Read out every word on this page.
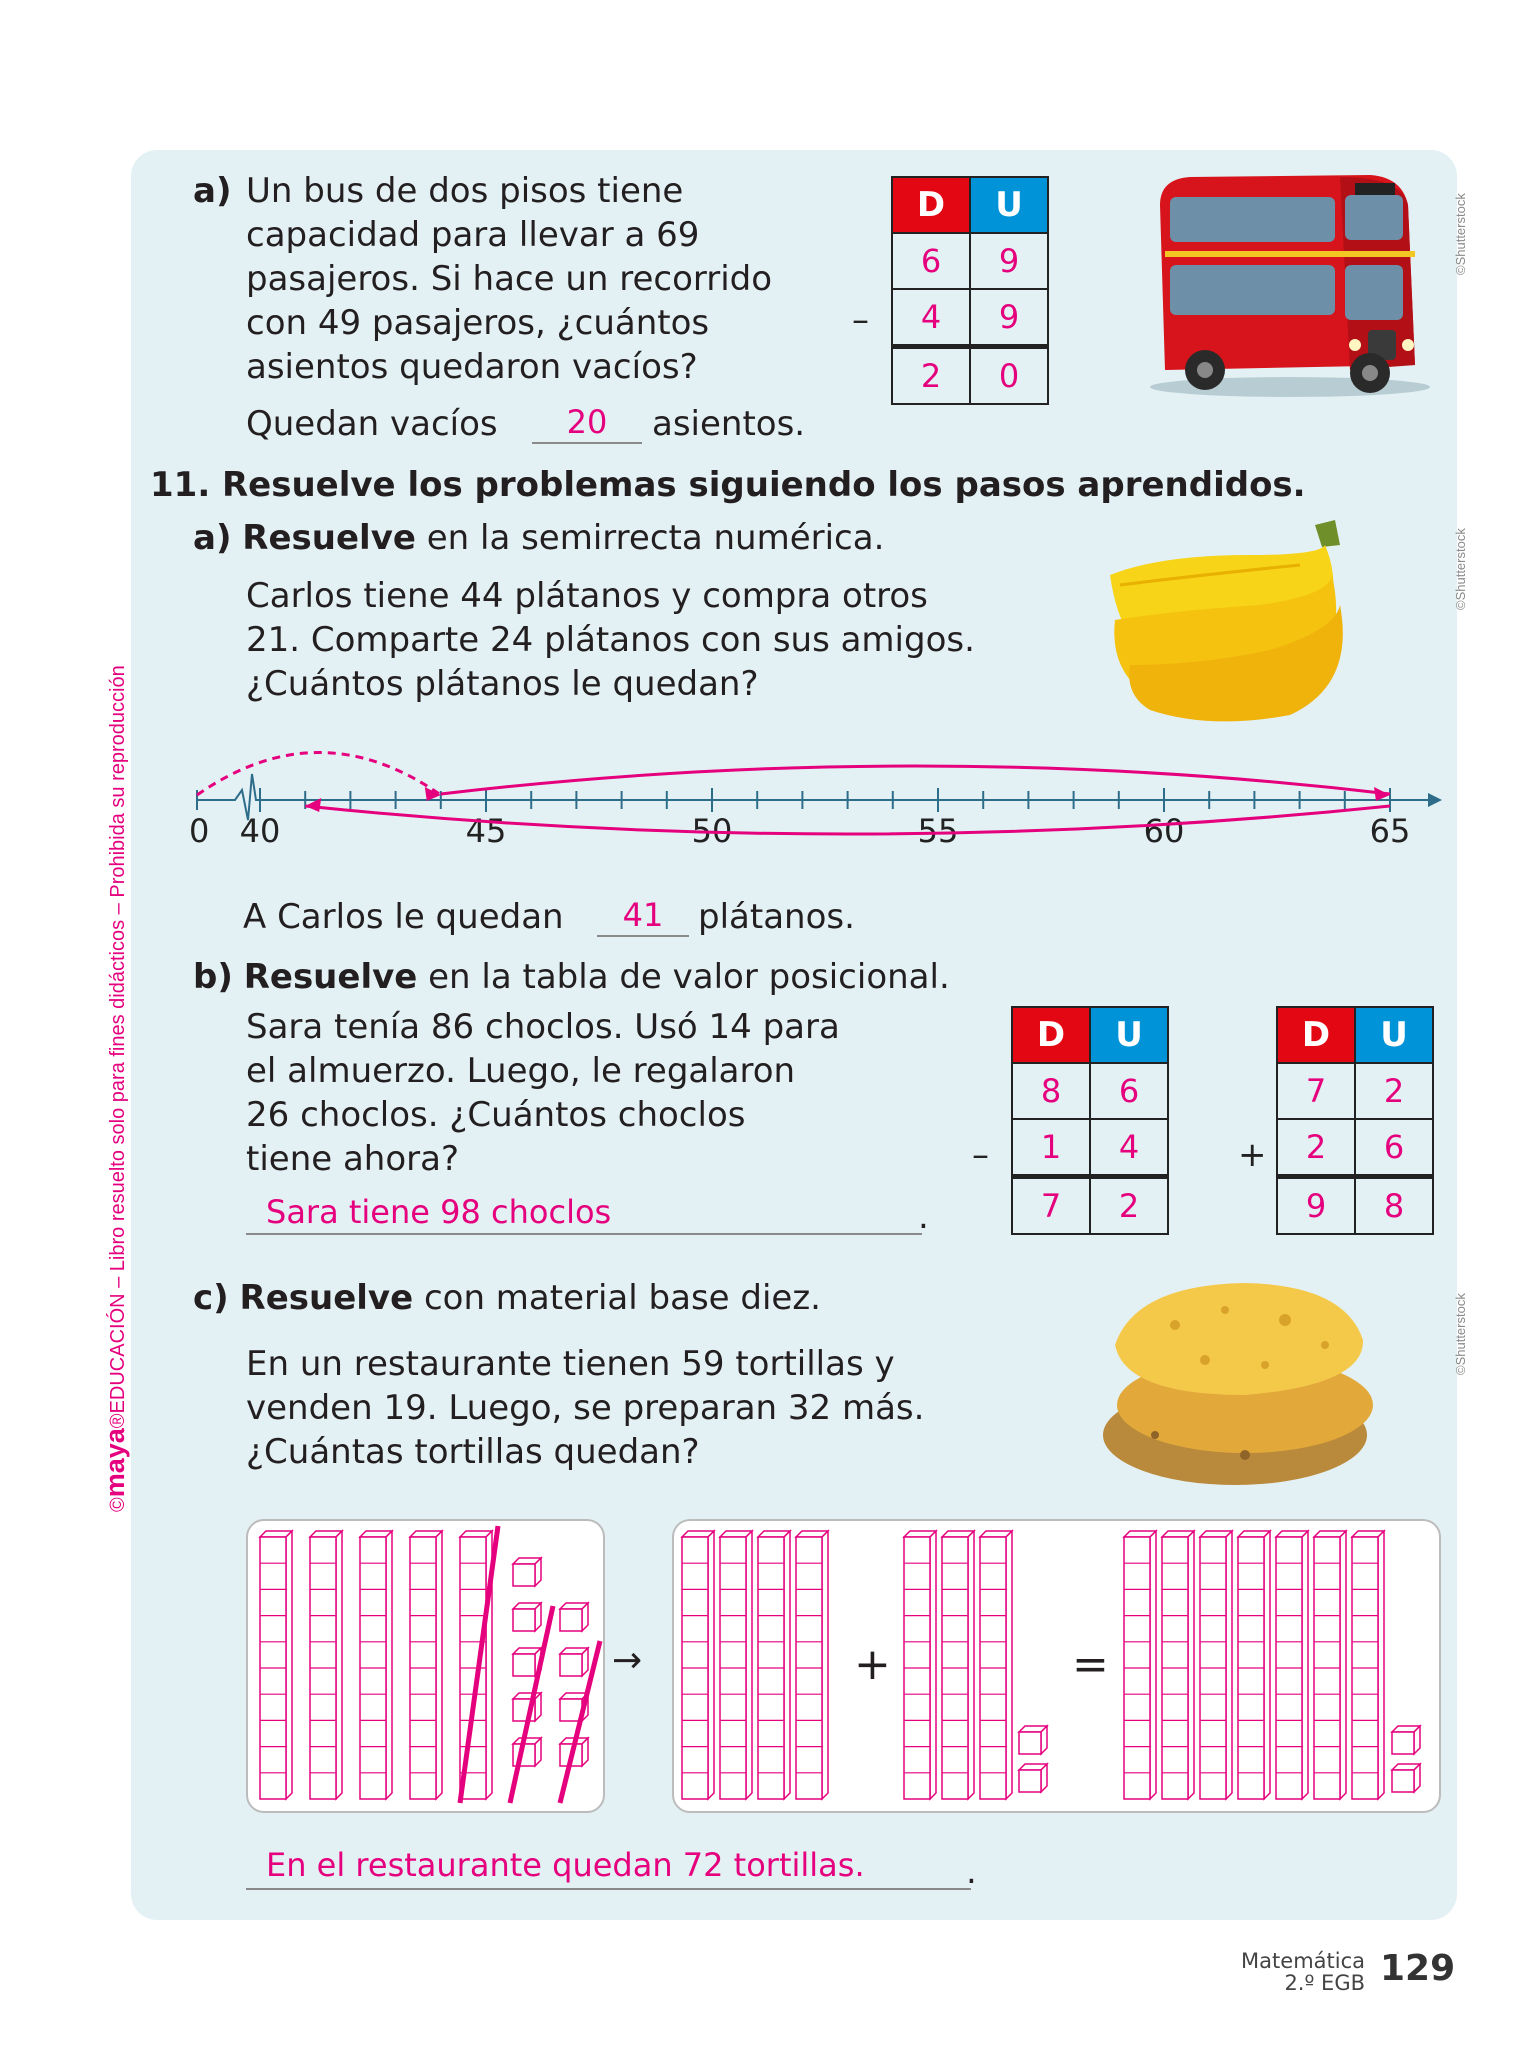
©maya®EDUCACIÓN – Libro resuelto solo para fines didácticos – Prohibida su reproducción
©Shutterstock
©Shutterstock
©Shutterstock
a) Un bus de dos pisos tiene
capacidad para llevar a 69
pasajeros. Si hace un recorrido
con 49 pasajeros, ¿cuántos
asientos quedaron vacíos?
Quedan vacíos	20	asientos.
–
D	U
6	9
4	9
2	0
11. Resuelve los problemas siguiendo los pasos aprendidos.
a) Resuelve en la semirrecta numérica.
Carlos tiene 44 plátanos y compra otros
21. Comparte 24 plátanos con sus amigos.
¿Cuántos plátanos le quedan?
0 40	45	50	55	60	65
A Carlos le quedan	41	plátanos.
b) Resuelve en la tabla de valor posicional.
Sara tenía 86 choclos. Usó 14 para
el almuerzo. Luego, le regalaron
26 choclos. ¿Cuántos choclos
tiene ahora?
Sara tiene 98 choclos	.
–
D	U
8	6
1	4
7	2
+
D	U
7	2
2	6
9	8
c) Resuelve con material base diez.
En un restaurante tienen 59 tortillas y
venden 19. Luego, se preparan 32 más.
¿Cuántas tortillas quedan?
→	+	=
En el restaurante quedan 72 tortillas.	.
Matemática
2.º EGB 129
